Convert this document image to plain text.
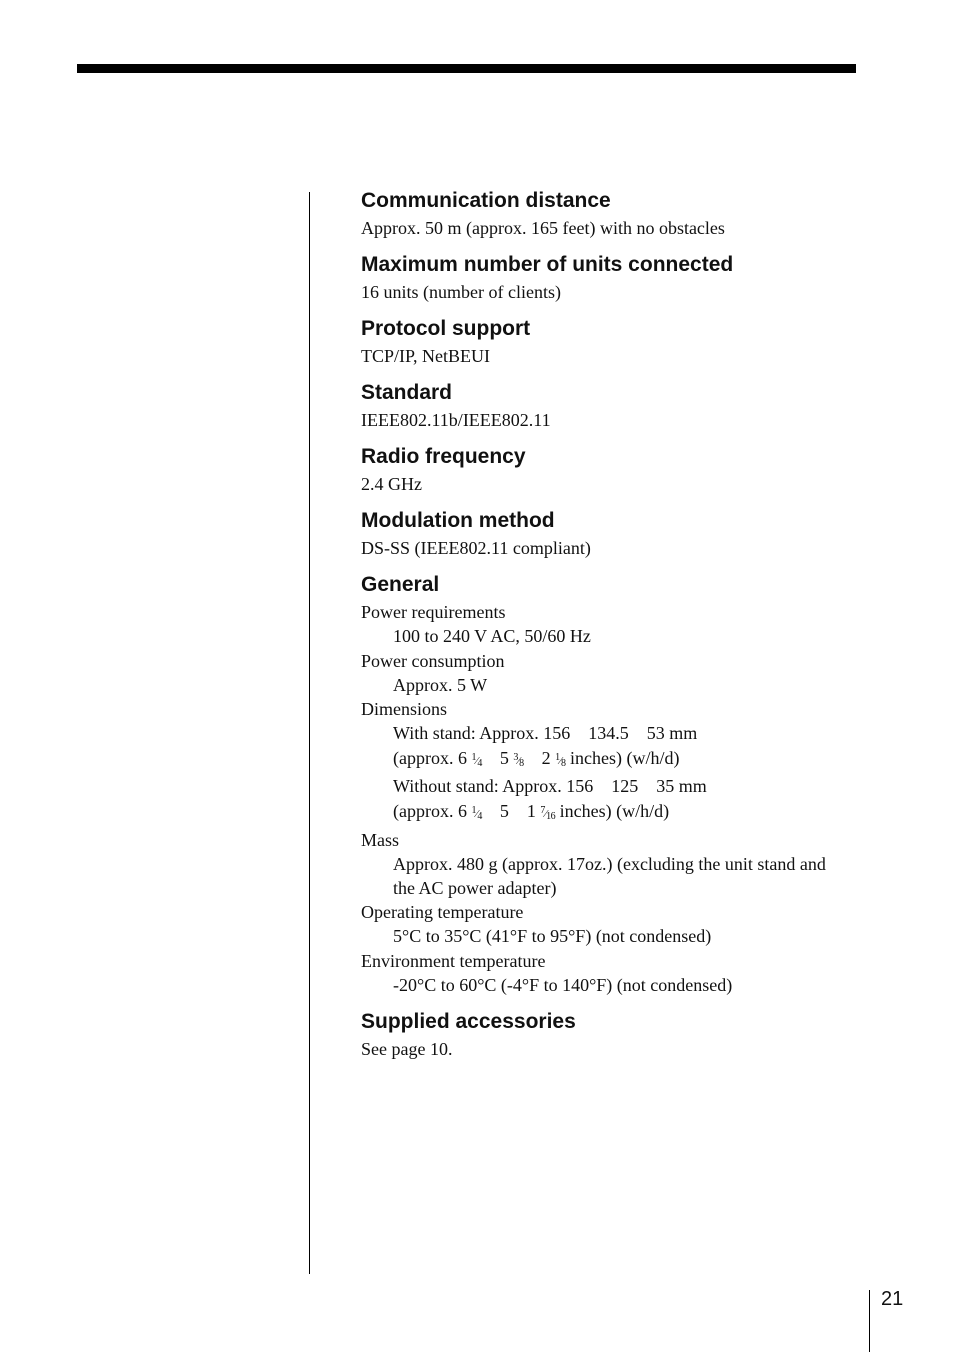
Communication distance

Approx. 50 m (approx. 165 feet) with no obstacles

Maximum number of units connected

16 units (number of clients)

Protocol support

TCP/IP, NetBEUI

Standard

IEEE802.11b/IEEE802.11

Radio frequency

2.4 GHz

Modulation method

DS-SS (IEEE802.11 compliant)

General
Power requirements
100 to 240 V AC, 50/60 Hz
Power consumption
Approx. 5 W
Dimensions
With stand: Approx. 156    134.5    53 mm
(approx. 6 $^1⁄_4$    5 $^3⁄_8$    2 $^1⁄_8$ inches) (w/h/d)
Without stand: Approx. 156    125    35 mm
(approx. 6 $^1⁄_4$    5    1 $^7⁄_{16}$ inches) (w/h/d)
Mass
Approx. 480 g (approx. 17oz.) (excluding the unit stand and the AC power adapter)
Operating temperature
5°C to 35°C (41°F to 95°F) (not condensed)
Environment temperature
-20°C to 60°C (-4°F to 140°F) (not condensed)
Supplied accessories

See page 10.

21
